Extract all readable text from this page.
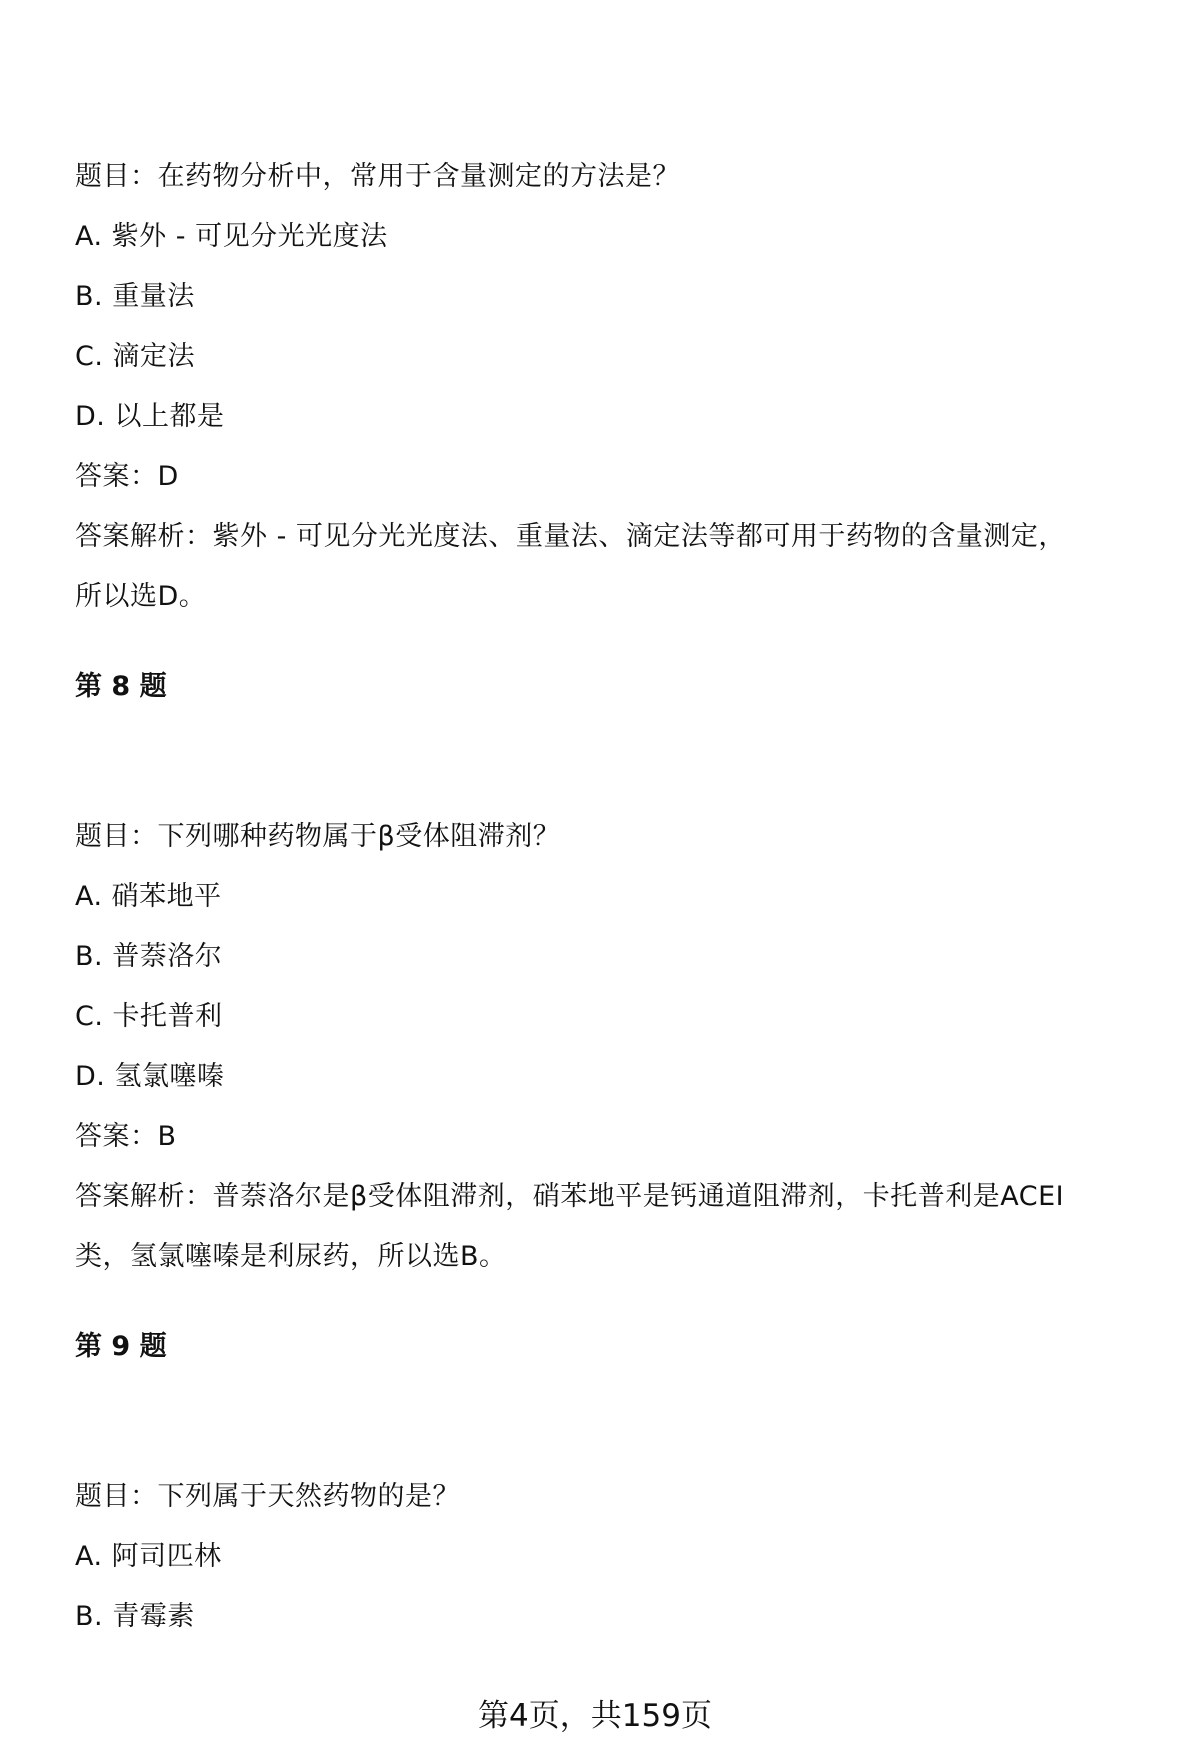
题目：在药物分析中，常用于含量测定的方法是？
A. 紫外 - 可见分光光度法
B. 重量法
C. 滴定法
D. 以上都是
答案：D
答案解析：紫外 - 可见分光光度法、重量法、滴定法等都可用于药物的含量测定，
所以选D。
第 8 题
题目：下列哪种药物属于β受体阻滞剂？
A. 硝苯地平
B. 普萘洛尔
C. 卡托普利
D. 氢氯噻嗪
答案：B
答案解析：普萘洛尔是β受体阻滞剂，硝苯地平是钙通道阻滞剂，卡托普利是ACEI
类，氢氯噻嗪是利尿药，所以选B。
第 9 题
题目：下列属于天然药物的是？
A. 阿司匹林
B. 青霉素
第4页，共159页
